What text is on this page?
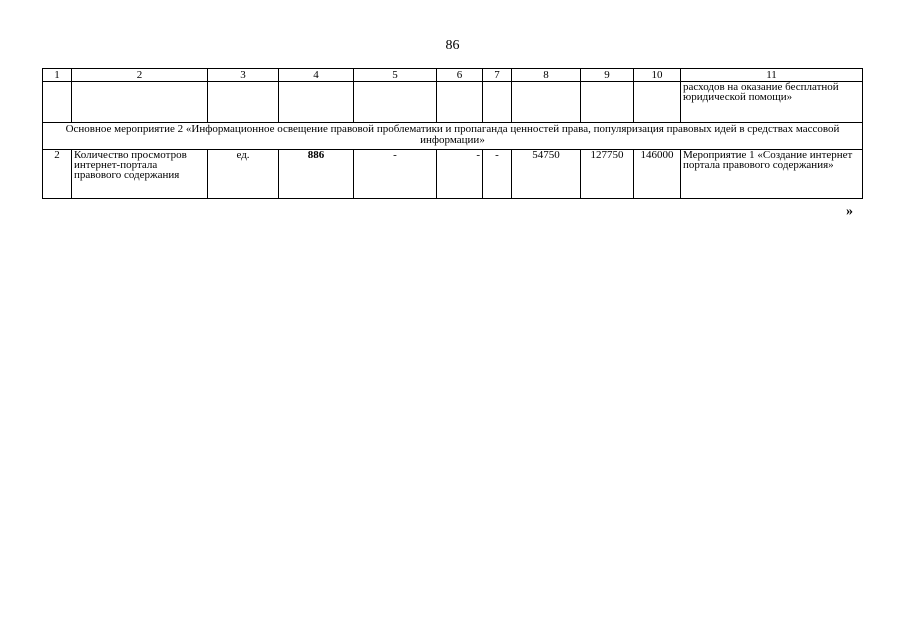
86
1	2	3	4	5	6	7	8	9	10	11
										расходов на оказание бесплатной юридической помощи»
Основное мероприятие 2 «Информационное освещение правовой проблематики и пропаганда ценностей права, популяризация правовых идей в средствах массовой информации»										
2	Количество просмотров интернет-портала правового содержания	ед.	886	-	-	-	54750	127750	146000	Мероприятие 1 «Создание интернет портала правового содержания»
»
